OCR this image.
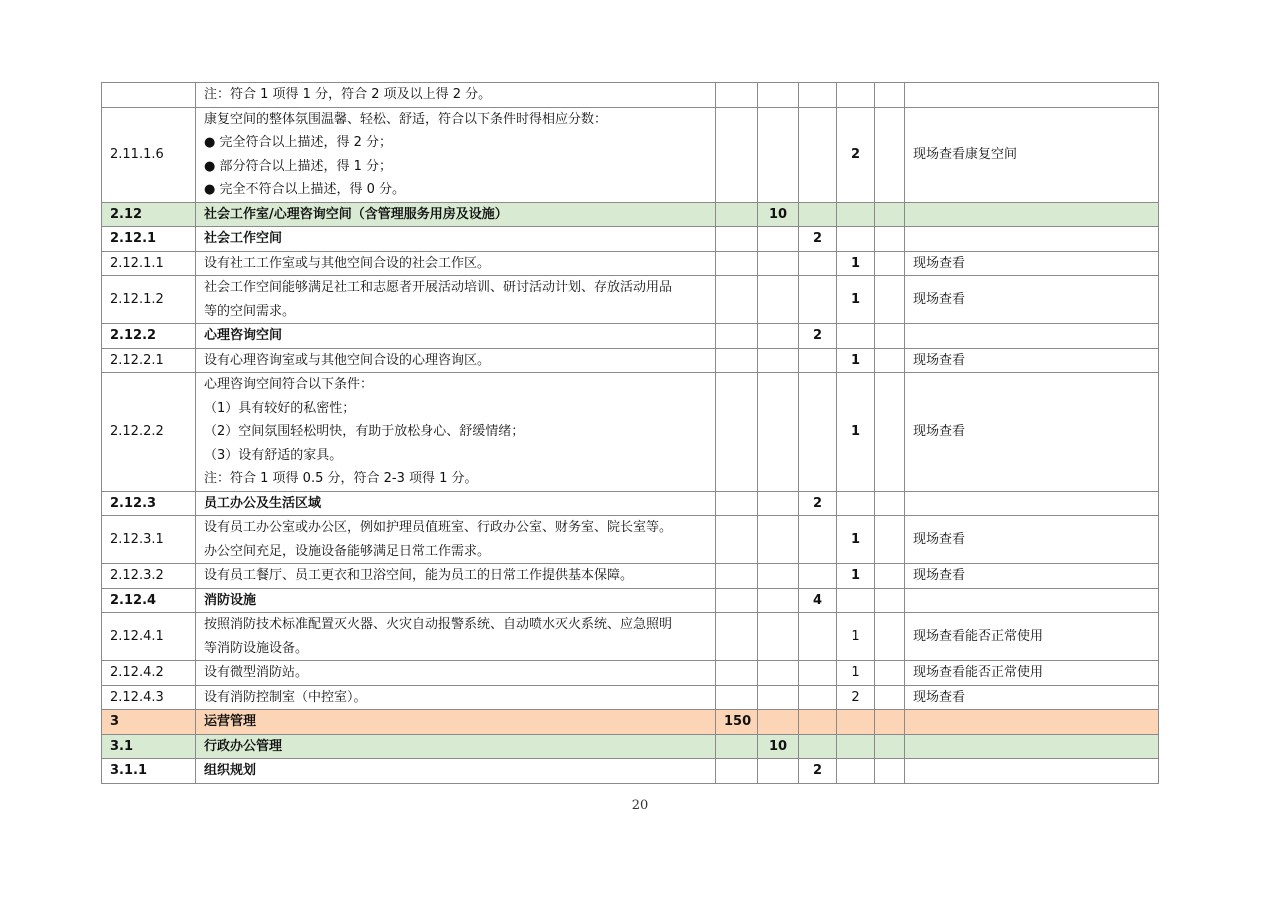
	注：符合 1 项得 1 分，符合 2 项及以上得 2 分。						

2.11.1.6	康复空间的整体氛围温馨、轻松、舒适，符合以下条件时得相应分数：
● 完全符合以上描述，得 2 分；
● 部分符合以上描述，得 1 分；
● 完全不符合以上描述，得 0 分。				2		现场查看康复空间
2.12	社会工作室/心理咨询空间（含管理服务用房及设施）		10				
2.12.1	社会工作空间			2			
2.12.1.1	设有社工工作室或与其他空间合设的社会工作区。				1		现场查看
2.12.1.2	社会工作空间能够满足社工和志愿者开展活动培训、研讨活动计划、存放活动用品
等的空间需求。				1		现场查看
2.12.2	心理咨询空间			2			
2.12.2.1	设有心理咨询室或与其他空间合设的心理咨询区。				1		现场查看
2.12.2.2	心理咨询空间符合以下条件：
（1）具有较好的私密性；
（2）空间氛围轻松明快，有助于放松身心、舒缓情绪；
（3）设有舒适的家具。
注：符合 1 项得 0.5 分，符合 2-3 项得 1 分。				1		现场查看
2.12.3	员工办公及生活区域			2			
2.12.3.1	设有员工办公室或办公区，例如护理员值班室、行政办公室、财务室、院长室等。
办公空间充足，设施设备能够满足日常工作需求。				1		现场查看
2.12.3.2	设有员工餐厅、员工更衣和卫浴空间，能为员工的日常工作提供基本保障。				1		现场查看
2.12.4	消防设施			4			
2.12.4.1	按照消防技术标准配置灭火器、火灾自动报警系统、自动喷水灭火系统、应急照明
等消防设施设备。				1		现场查看能否正常使用
2.12.4.2	设有微型消防站。				1		现场查看能否正常使用
2.12.4.3	设有消防控制室（中控室）。				2		现场查看
3	运营管理	150					
3.1	行政办公管理		10				
3.1.1	组织规划			2			
20
